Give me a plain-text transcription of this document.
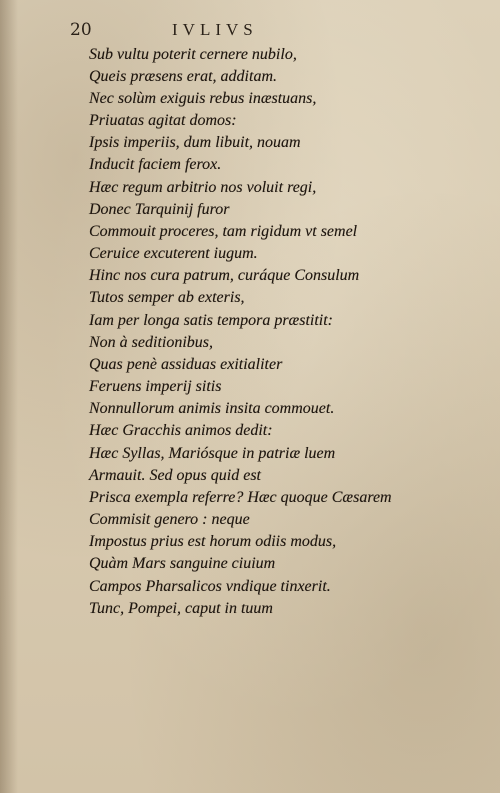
20	IVLIVS
Sub vultu poterit cernere nubilo,
Queis præsens erat, additam.
Nec solùm exiguis rebus inæstuans,
Priuatas agitat domos:
Ipsis imperiis, dum libuit, nouam
Inducit faciem ferox.
Hæc regum arbitrio nos voluit regi,
Donec Tarquinij furor
Commouit proceres, tam rigidum vt semel
Ceruice excuterent iugum.
Hinc nos cura patrum, curáque Consulum
Tutos semper ab exteris,
Iam per longa satis tempora præstitit:
Non à seditionibus,
Quas penè assiduas exitialiter
Feruens imperij sitis
Nonnullorum animis insita commouet.
Hæc Gracchis animos dedit:
Hæc Syllas, Mariósque in patriæ luem
Armauit. Sed opus quid est
Prisca exempla referre? Hæc quoque Cæsarem
Commisit genero : neque
Impostus prius est horum odiis modus,
Quàm Mars sanguine ciuium
Campos Pharsalicos vndique tinxerit.
Tunc, Pompei, caput in tuum
